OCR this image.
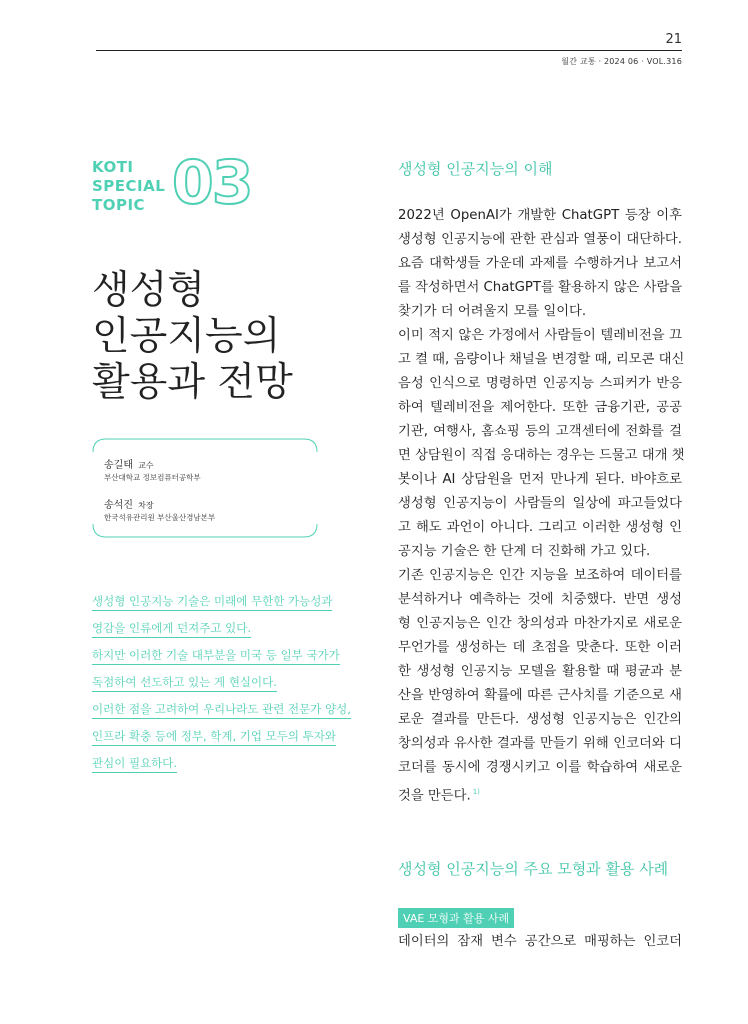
21
월간 교통 · 2024 06 · VOL.316
KOTI
SPECIAL
TOPIC 03
생성형
인공지능의
활용과 전망
송길태 교수
부산대학교 정보컴퓨터공학부
송석진 차장
한국석유관리원 부산울산경남본부
생성형 인공지능 기술은 미래에 무한한 가능성과
영감을 인류에게 던져주고 있다.
하지만 이러한 기술 대부분을 미국 등 일부 국가가
독점하여 선도하고 있는 게 현실이다.
이러한 점을 고려하여 우리나라도 관련 전문가 양성,
인프라 확충 등에 정부, 학계, 기업 모두의 투자와
관심이 필요하다.
생성형 인공지능의 이해
2022년 OpenAI가 개발한 ChatGPT 등장 이후
생성형 인공지능에 관한 관심과 열풍이 대단하다.
요즘 대학생들 가운데 과제를 수행하거나 보고서
를 작성하면서 ChatGPT를 활용하지 않은 사람을
찾기가 더 어려울지 모를 일이다.
이미 적지 않은 가정에서 사람들이 텔레비전을 끄
고 켤 때, 음량이나 채널을 변경할 때, 리모콘 대신
음성 인식으로 명령하면 인공지능 스피커가 반응
하여 텔레비전을 제어한다. 또한 금융기관, 공공
기관, 여행사, 홈쇼핑 등의 고객센터에 전화를 걸
면 상담원이 직접 응대하는 경우는 드물고 대개 챗
봇이나 AI 상담원을 먼저 만나게 된다. 바야흐로
생성형 인공지능이 사람들의 일상에 파고들었다
고 해도 과언이 아니다. 그리고 이러한 생성형 인
공지능 기술은 한 단계 더 진화해 가고 있다.
기존 인공지능은 인간 지능을 보조하여 데이터를
분석하거나 예측하는 것에 치중했다. 반면 생성
형 인공지능은 인간 창의성과 마찬가지로 새로운
무언가를 생성하는 데 초점을 맞춘다. 또한 이러
한 생성형 인공지능 모델을 활용할 때 평균과 분
산을 반영하여 확률에 따른 근사치를 기준으로 새
로운 결과를 만든다. 생성형 인공지능은 인간의
창의성과 유사한 결과를 만들기 위해 인코더와 디
코더를 동시에 경쟁시키고 이를 학습하여 새로운
것을 만든다. $^{1)}$
생성형 인공지능의 주요 모형과 활용 사례
VAE 모형과 활용 사례
데이터의 잠재 변수 공간으로 매핑하는 인코더
